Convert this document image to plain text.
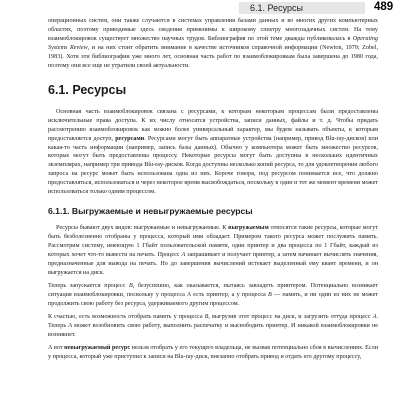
6.1. Ресурсы	489

операционных систем, они также случаются в системах управления базами данных и во многих других компьютерных областях, поэтому приводимые здесь сведения применимы к широкому спектру многозадачных систем. На тему взаимоблокировок существует множество научных трудов. Библиография по этой теме дважды публиковалась в Operating Systems Review, и на них стоит обратить внимание в качестве источников справочной информации (Newton, 1979; Zobel, 1983). Хотя эти библиографии уже много лет, основная часть работ по взаимоблокировкам была завершена до 1980 года, поэтому они все еще не утратили своей актуальности.

6.1. Ресурсы

Основная часть взаимоблокировок связана с ресурсами, к которым некоторым процессам были предоставлены исключительные права доступа. К их числу относятся устройства, записи данных, файлы и т. д. Чтобы придать рассмотрению взаимоблокировок как можно более универсальный характер, мы будем называть объекты, к которым предоставляется доступ, ресурсами. Ресурсами могут быть аппаратные устройства (например, привод Blu-ray-дисков) или какая-то часть информации (например, запись базы данных). Обычно у компьютера может быть множество ресурсов, которые могут быть предоставлены процессу. Некоторые ресурсы могут быть доступны в нескольких идентичных экземплярах, например три привода Blu-ray-дисков. Когда доступны несколько копий ресурса, то для удовлетворения любого запроса на ресурс может быть использована одна из них. Короче говоря, под ресурсом понимается все, что должно предоставляться, использоваться и через некоторое время высвобождаться, поскольку в один и тот же момент времени может использоваться только одним процессом.

6.1.1. Выгружаемые и невыгружаемые ресурсы

Ресурсы бывают двух видов: выгружаемые и невыгружаемые. К выгружаемым относятся такие ресурсы, которые могут быть безболезненно отобраны у процесса, который ими обладает. Примером такого ресурса может послужить память. Рассмотрим систему, имеющую 1 Гбайт пользовательской памяти, один принтер и два процесса по 1 Гбайт, каждый из которых хочет что-то вывести на печать. Процесс А запрашивает и получает принтер, а затем начинает вычислять значения, предназначенные для вывода на печать. Но до завершения вычислений истекает выделенный ему квант времени, и он выгружается на диск.

Теперь запускается процесс B, безуспешно, как оказывается, пытаясь завладеть принтером. Потенциально возникает ситуация взаимоблокировки, поскольку у процесса A есть принтер, а у процесса B — память, и ни один из них не может продолжить свою работу без ресурса, удерживаемого другим процессом.

К счастью, есть возможность отобрать память у процесса B, выгрузив этот процесс на диск, и загрузить оттуда процесс A. Теперь A может возобновить свою работу, выполнить распечатку и высвободить принтер. И никакой взаимоблокировки не возникнет.

А вот невыгружаемый ресурс нельзя отобрать у его текущего владельца, не вызвав потенциально сбоя в вычислениях. Если у процесса, который уже приступил к записи на Blu-ray-диск, внезапно отобрать привод и отдать его другому процессу,
